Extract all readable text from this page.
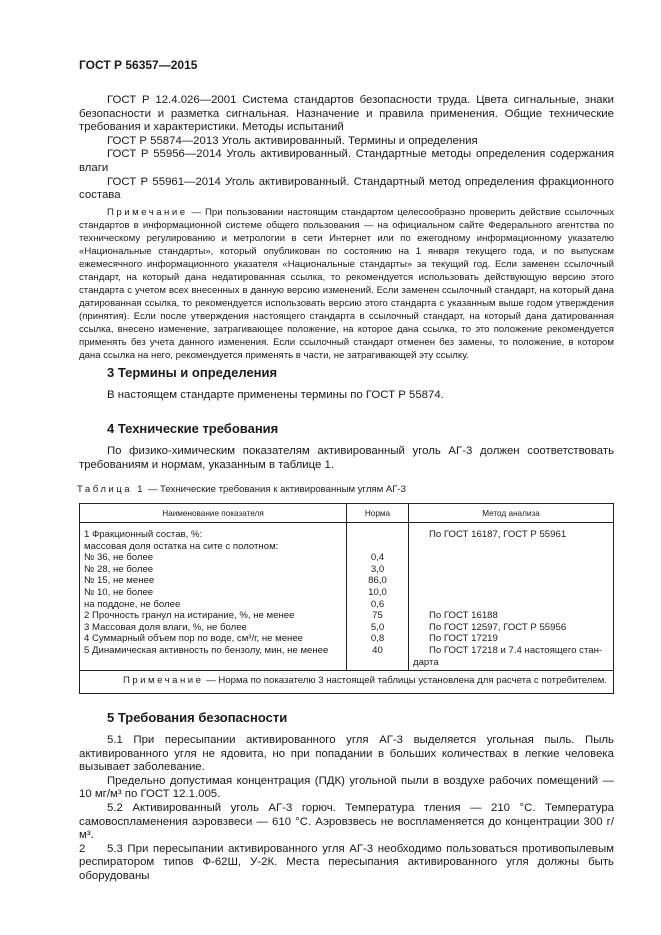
ГОСТ Р 56357—2015

ГОСТ Р 12.4.026—2001 Система стандартов безопасности труда. Цвета сигнальные, знаки безопасности и разметка сигнальная. Назначение и правила применения. Общие технические требования и характеристики. Методы испытаний

ГОСТ Р 55874—2013 Уголь активированный. Термины и определения

ГОСТ Р 55956—2014 Уголь активированный. Стандартные методы определения содержания влаги

ГОСТ Р 55961—2014 Уголь активированный. Стандартный метод определения фракционного состава

Примечание — При пользовании настоящим стандартом целесообразно проверить действие ссылочных стандартов в информационной системе общего пользования — на официальном сайте Федерального агентства по техническому регулированию и метрологии в сети Интернет или по ежегодному информационному указателю «Национальные стандарты», который опубликован по состоянию на 1 января текущего года, и по выпускам ежемесячного информационного указателя «Национальные стандарты» за текущий год. Если заменен ссылочный стандарт, на который дана недатированная ссылка, то рекомендуется использовать действующую версию этого стандарта с учетом всех внесенных в данную версию изменений. Если заменен ссылочный стандарт, на который дана датированная ссылка, то рекомендуется использовать версию этого стандарта с указанным выше годом утверждения (принятия). Если после утверждения настоящего стандарта в ссылочный стандарт, на который дана датированная ссылка, внесено изменение, затрагивающее положение, на которое дана ссылка, то это положение рекомендуется применять без учета данного изменения. Если ссылочный стандарт отменен без замены, то положение, в котором дана ссылка на него, рекомендуется применять в части, не затрагивающей эту ссылку.

3 Термины и определения

В настоящем стандарте применены термины по ГОСТ Р 55874.

4 Технические требования

По физико-химическим показателям активированный уголь АГ-3 должен соответствовать требованиям и нормам, указанным в таблице 1.

Таблица 1 — Технические требования к активированным углям АГ-3
Наименование показателя	Норма	Метод анализа
1 Фракционный состав, %:		По ГОСТ 16187, ГОСТ Р 55961
массовая доля остатка на сите с полотном:		
№ 36, не более	0,4	
№ 28, не более	3,0	
№ 15, не менее	86,0	
№ 10, не более	10,0	
на поддоне, не более	0,6	
2 Прочность гранул на истирание, %, не менее	75	По ГОСТ 16188
3 Массовая доля влаги, %, не более	5,0	По ГОСТ 12597, ГОСТ Р 55956
4 Суммарный объем пор по воде, см³/г, не менее	0,8	По ГОСТ 17219
5 Динамическая активность по бензолу, мин, не менее	40	По ГОСТ 17218 и 7.4 настоящего стандарта
Примечание — Норма по показателю 3 настоящей таблицы установлена для расчета с потребителем.		
5 Требования безопасности

5.1 При пересыпании активированного угля АГ-3 выделяется угольная пыль. Пыль активированного угля не ядовита, но при попадании в больших количествах в легкие человека вызывает заболевание.

Предельно допустимая концентрация (ПДК) угольной пыли в воздухе рабочих помещений — 10 мг/м³ по ГОСТ 12.1.005.

5.2 Активированный уголь АГ-3 горюч. Температура тления — 210 °С. Температура самовоспламенения аэровзвеси — 610 °С. Аэровзвесь не воспламеняется до концентрации 300 г/м³.

5.3 При пересыпании активированного угля АГ-3 необходимо пользоваться противопылевым респиратором типов Ф-62Ш, У-2К. Места пересыпания активированного угля должны быть оборудованы

2
